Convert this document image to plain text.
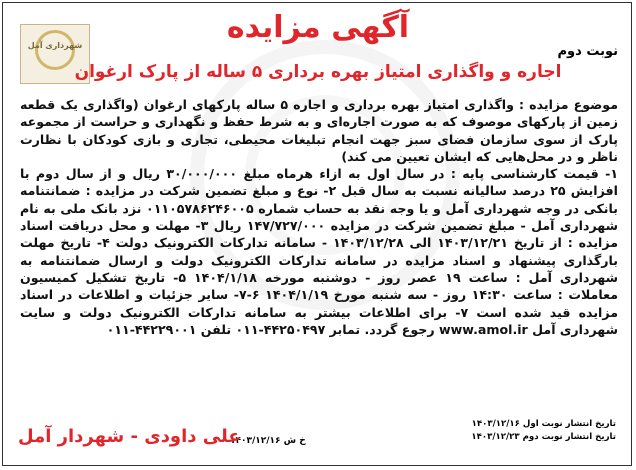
شهرداری آمل	نوبت دوم
آگهی مزایده
اجاره و واگذاری امتیاز بهره برداری ۵ ساله از پارک ارغوان

موضوع مزایده : واگذاری امتیاز بهره برداری و اجاره ۵ ساله پارکهای ارغوان (واگذاری یک قطعه زمین از پارکهای موصوف که به صورت اجاره‌ای و به شرط حفظ و نگهداری و حراست از مجموعه پارک از سوی سازمان فضای سبز جهت انجام تبلیغات محیطی، تجاری و بازی کودکان با نظارت ناظر و در محل‌هایی که ایشان تعیین می کند)

۱- قیمت کارشناسی پایه : در سال اول به ازاء هرماه مبلغ ۳۰/۰۰۰/۰۰۰ ریال و از سال دوم با افزایش ۲۵ درصد سالیانه نسبت به سال قبل ۲- نوع و مبلغ تضمین شرکت در مزایده : ضمانتنامه بانکی در وجه شهرداری آمل و یا وجه نقد به حساب شماره ۰۱۱۰۵۷۸۶۲۴۶۰۰۵ نزد بانک ملی به نام شهرداری آمل - مبلغ تضمین شرکت در مزایده ۱۴۷/۷۲۷/۰۰۰ ریال ۳- مهلت و محل دریافت اسناد مزایده : از تاریخ ۱۴۰۳/۱۲/۲۱ الی ۱۴۰۳/۱۲/۲۸ - سامانه تدارکات الکترونیک دولت ۴- تاریخ مهلت بارگذاری پیشنهاد و اسناد مزایده در سامانه تدارکات الکترونیک دولت و ارسال ضمانتنامه به شهرداری آمل : ساعت ۱۹ عصر روز - دوشنبه مورخه ۱۴۰۴/۱/۱۸ ۵- تاریخ تشکیل کمیسیون معاملات : ساعت ۱۴:۳۰ روز - سه شنبه مورخ ۱۴۰۴/۱/۱۹ ۶-۷- سایر جزئیات و اطلاعات در اسناد مزایده قید شده است ۷- برای اطلاعات بیشتر به سامانه تدارکات الکترونیک دولت و سایت شهرداری آمل www.amol.ir رجوع گردد. تمابر ۴۴۲۵۰۴۹۷-۰۱۱ تلفن ۴۴۲۲۹۰۰۱-۰۱۱

تاریخ انتشار نوبت اول ۱۴۰۳/۱۲/۱۶
تاریخ انتشار نوبت دوم ۱۴۰۳/۱۲/۲۳
خ ش ۱۴۰۳/۱۲/۱۶
علی داودی - شهردار آمل
